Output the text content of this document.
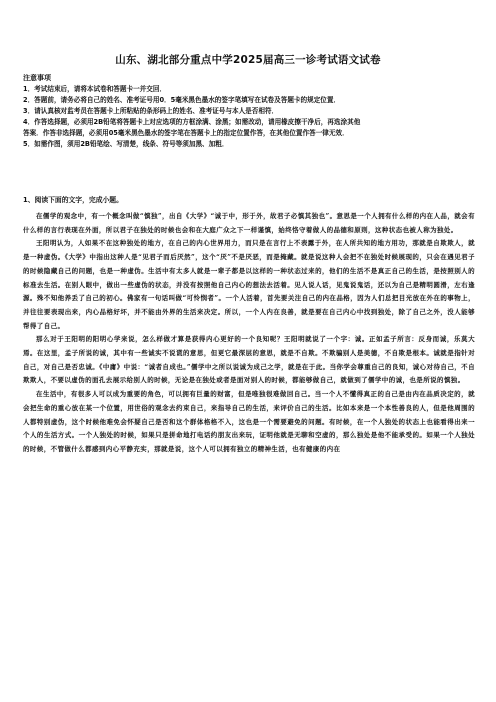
山东、湖北部分重点中学2025届高三一诊考试语文试卷
注意事项
1．考试结束后，请将本试卷和答题卡一并交回．
2．答题前，请务必将自己的姓名、准考证号用0．5毫米黑色墨水的签字笔填写在试卷及答题卡的规定位置．
3．请认真核对监考员在答题卡上所粘贴的条形码上的姓名、准考证号与本人是否相符．
4．作答选择题，必须用2B铅笔将答题卡上对应选项的方框涂满、涂黑；如需改动，请用橡皮擦干净后，再选涂其他
答案．作答非选择题，必须用05毫米黑色墨水的签字笔在答题卡上的指定位置作答，在其他位置作答一律无效．
5．如需作图，须用2B铅笔绘、写清楚，线条、符号等须加黑、加粗．
1、阅读下面的文字，完成小题。

在儒学的观念中，有一个概念叫做“慎独”，出自《大学》“诚于中，形于外，故君子必慎其独也”。意思是一个人拥有什么样的内在人品，就会有什么样的言行表现在外面，所以君子在独处的时候也会和在大庭广众之下一样谨慎，始终恪守着做人的品德和原则，这种状态也被人称为独处。

王阳明认为，人如果不在这种独处的地方，在自己的内心世界用力，而只是在言行上不表露于外，在人所共知的地方用功，那就是自欺欺人，就是一种虚伪。《大学》中指出这种人是“见君子而后厌然”，这个“厌”不是厌恶，而是掩藏。就是说这种人会把不在独处时候展现的，只会在遇见君子的时候隐藏自己的问题，也是一种虚伪。生活中有太多人就是一辈子都是以这样的一种状态过来的，他们的生活不是真正自己的生活，是按照别人的标准去生活。在别人眼中，做出一些虚伪的状态，并没有按照他自己内心的想法去活着。见人说人话，见鬼说鬼话，还以为自己是精明圆滑，左右逢源。殊不知他养丢了自己的初心。佛家有一句话叫做“可怜悯者”。一个人活着，首先要关注自己的内在品格，因为人们总把目光放在外在的事物上，并往往要表现出来，内心品格好坏，并不能由外界的生活来决定。所以，一个人内在良善，就是要在自己内心中找到独处，除了自己之外，没人能够帮得了自己。

那么对于王阳明的阳明心学来说，怎么样做才算是获得内心更好的一个良知呢？王阳明就说了一个字：诚。正如孟子所言：反身而诚，乐莫大焉。在这里，孟子所说的诚，其中有一些诚实不说谎的意思，但更它最深层的意思，就是不自欺。不欺骗别人是美德，不自欺是根本。诚就是指针对自己，对自己是否忠诚。《中庸》中说：“诚者自成也。”儒学中之所以说诚为成己之学，就是在于此。当你学会尊重自己的良知，诚心对待自己，不自欺欺人，不要以虚伪的面孔去展示给别人的时候，无论是在独处或者是面对别人的时候，都能够做自己，就做到了儒学中的诚，也是所说的慎独。

在生活中，有很多人可以成为重要的角色，可以拥有巨量的财富，但是唯独很难做回自己。当一个人不懂得真正的自己是由内在品质决定的，就会把生命的重心放在某一个位置，用世俗的观念去约束自己，来指导自己的生活，来评价自己的生活。比如本来是一个本性善良的人，但是他周围的人都特别虚伪，这个时候他难免会怀疑自己是否和这个群体格格不入，这也是一个需要避免的问题。有时候，在一个人独处的状态上也能看得出来一个人的生活方式。一个人独处的时候，如果只是拼命地打电话约朋友出来玩，证明他就是无聊和空虚的，那么独处是他不能承受的。如果一个人独处的时候，不管做什么都感到内心平静充实，那就是说，这个人可以拥有独立的精神生活，也有健康的内在
